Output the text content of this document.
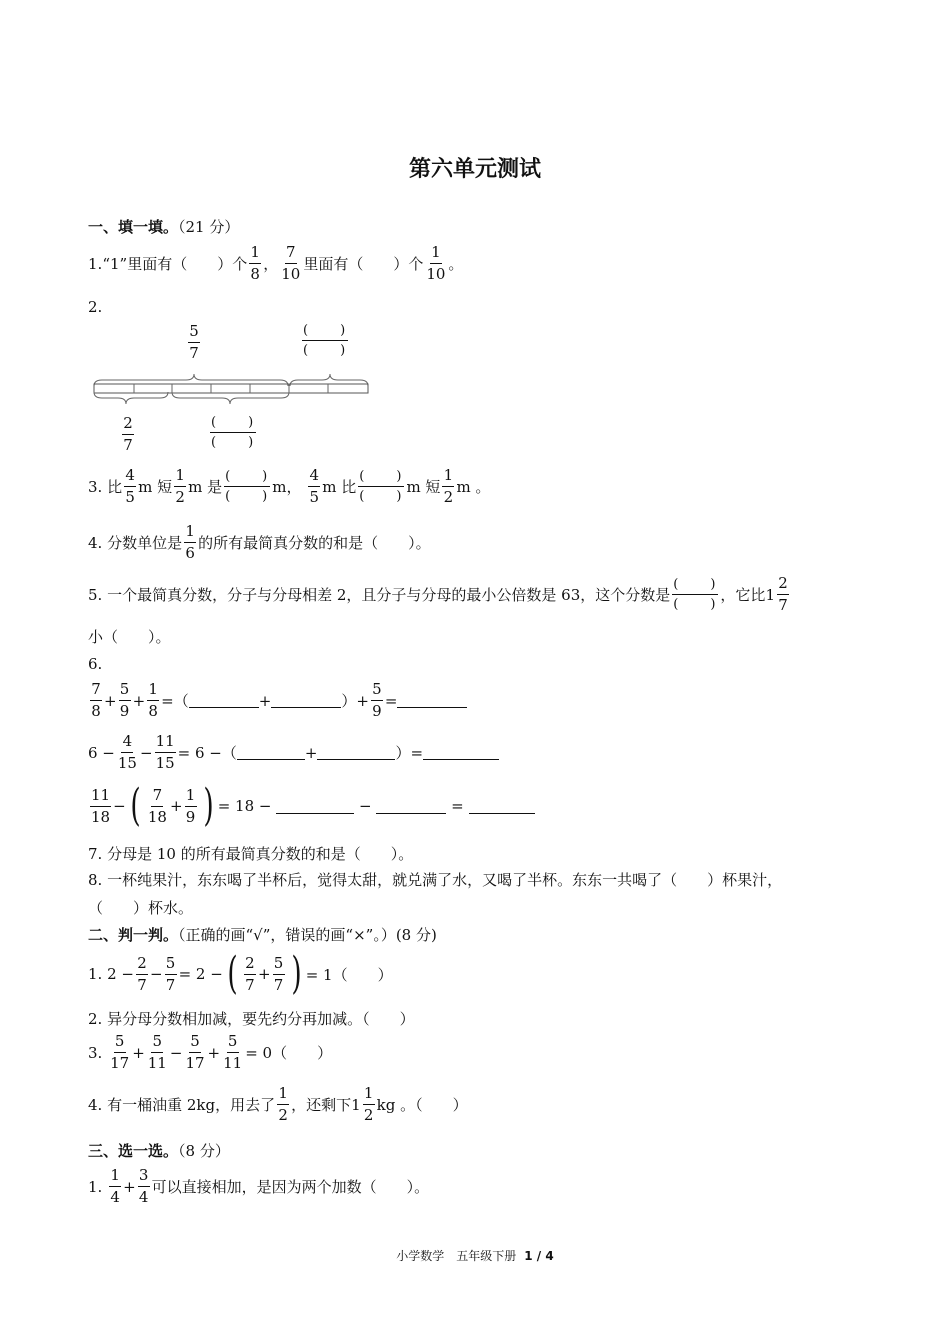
第六单元测试
一、填一填。（21 分）
1. “1”里面有（　　）个 $\frac{1}{8}$ ， $\frac{7}{10}$ 里面有（　　）个 $\frac{1}{10}$ 。
2.
$\frac{5}{7}$	(　　)
(　　)
$\frac{2}{7}$	(　　)
(　　)
3.
比 $\frac{4}{5}$ m 短 $\frac{1}{2}$ m 是 $\frac{( )}{( )}$ m，
$\frac{4}{5}$ m 比 $\frac{( )}{( )}$ m 短 $\frac{1}{2}$ m 。
4.
分数单位是 $\frac{1}{6}$ 的所有最简真分数的和是（　　）。
5.
一个最简真分数，分子与分母相差 2，且分子与分母的最小公倍数是 63，这个分数是 $\frac{( )}{( )}$ ，它比 $1 \frac{2}{7}$
小（　　）。
6.
$\frac{7}{8} + \frac{5}{9} + \frac{1}{8}$ =（	+	）+ $\frac{5}{9}$ =
$6 - \frac{4}{15} - \frac{11}{15} = 6$ −（	+	）=
$\frac{11}{18}$ − ( $\frac{7}{18} + \frac{1}{9}$ ) = 18 −

	−

	=

7. 分母是 10 的所有最简真分数的和是（　　）。
8. 一杯纯果汁，东东喝了半杯后，觉得太甜，就兑满了水，又喝了半杯。东东一共喝了（　　）杯果汁，
（　　）杯水。
二、判一判。（正确的画“√”，错误的画“×”。）(8 分)
1.
$2 - \frac{2}{7} - \frac{5}{7} = 2$ − ( $\frac{2}{7} + \frac{5}{7}$ ) = 1（　　）
2. 异分母分数相加减，要先约分再加减。（　　）
3.
$\frac{5}{17} + \frac{5}{11} - \frac{5}{17} + \frac{5}{11} = 0$（　　）
4.
有一桶油重 2kg，用去了 $\frac{1}{2}$ ，还剩下 $1 \frac{1}{2}$ kg 。（　　）
三、选一选。（8 分）
1.
$\frac{1}{4} + \frac{3}{4}$ 可以直接相加，是因为两个加数（　　）。
小学数学　五年级下册 1 / 4
